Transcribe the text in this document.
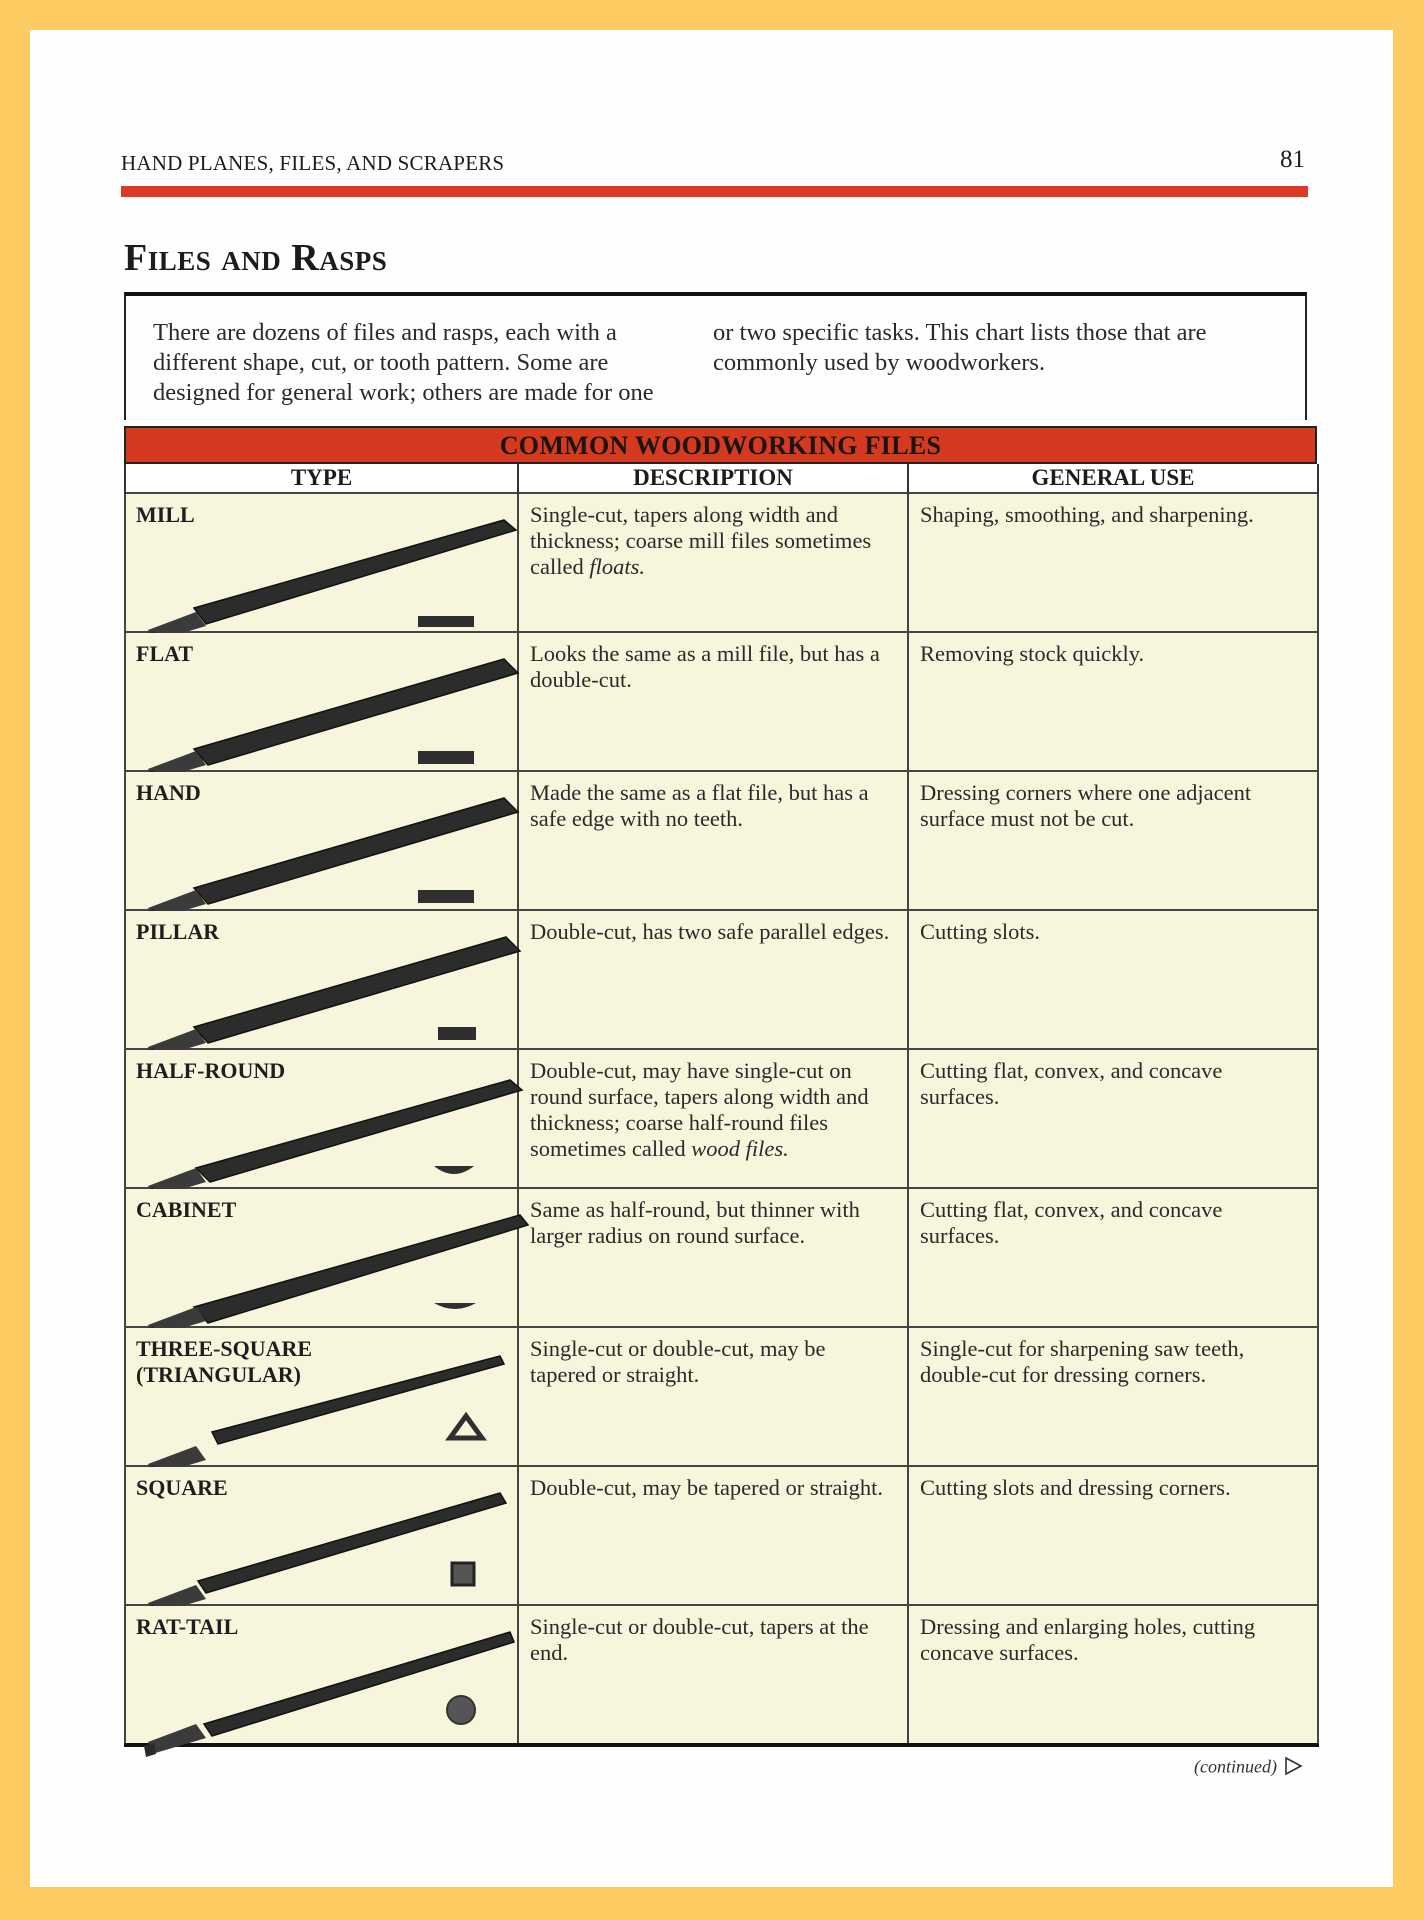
HAND PLANES, FILES, AND SCRAPERS	81
Files and Rasps
There are dozens of files and rasps, each with a different shape, cut, or tooth pattern. Some are designed for general work; others are made for one or two specific tasks. This chart lists those that are commonly used by woodworkers.
COMMON WOODWORKING FILES
TYPE	DESCRIPTION	GENERAL USE

MILL	Single-cut, tapers along width and thickness; coarse mill files sometimes called floats.	Shaping, smoothing, and sharpening.

FLAT	Looks the same as a mill file, but has a double-cut.	Removing stock quickly.

HAND	Made the same as a flat file, but has a safe edge with no teeth.	Dressing corners where one adjacent surface must not be cut.

PILLAR	Double-cut, has two safe parallel edges.	Cutting slots.

HALF-ROUND	Double-cut, may have single-cut on round surface, tapers along width and thickness; coarse half-round files sometimes called wood files.	Cutting flat, convex, and concave surfaces.

CABINET	Same as half-round, but thinner with larger radius on round surface.	Cutting flat, convex, and concave surfaces.

THREE-SQUARE
(TRIANGULAR)	Single-cut or double-cut, may be tapered or straight.	Single-cut for sharpening saw teeth, double-cut for dressing corners.

SQUARE	Double-cut, may be tapered or straight.	Cutting slots and dressing corners.

RAT-TAIL	Single-cut or double-cut, tapers at the end.	Dressing and enlarging holes, cutting concave surfaces.
(continued)
